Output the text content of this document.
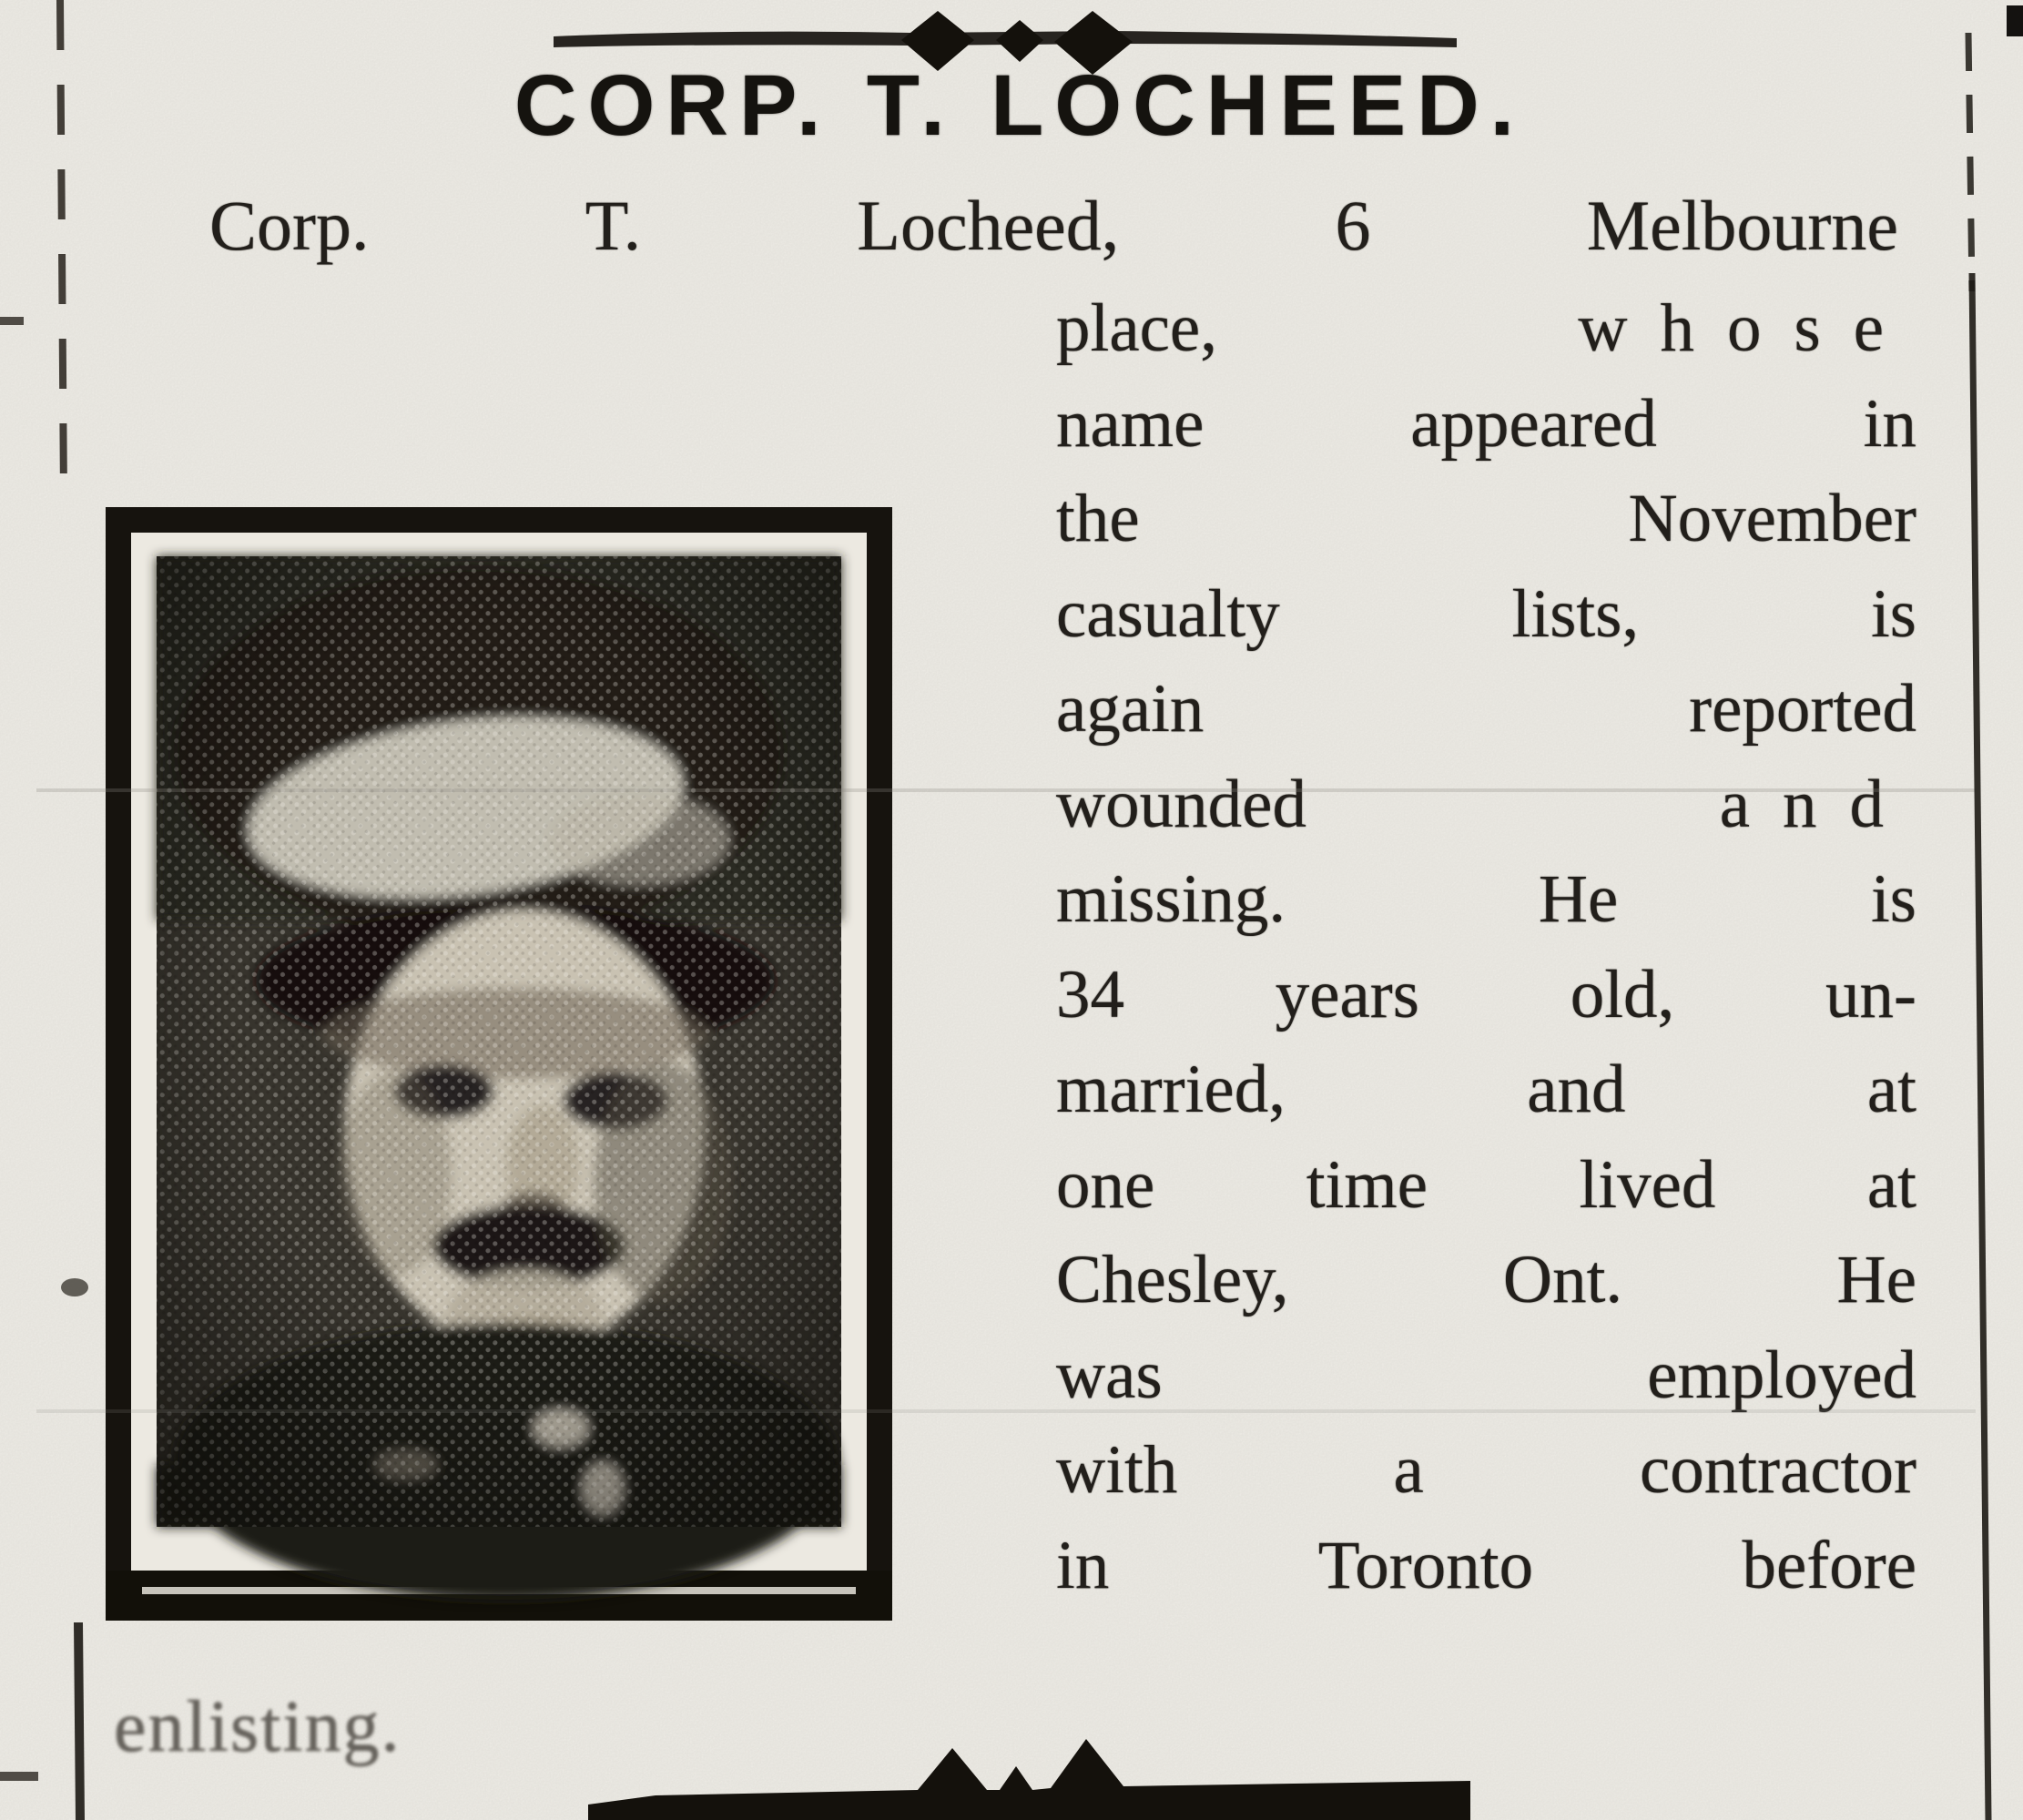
CORP. T. LOCHEED.
Corp.	T.	Locheed,	6	Melbourne
place,	whose
name	appeared	in
the	November
casualty	lists,	is
again	reported
wounded	and
missing.	He	is
34 years old, un-
married,	and	at
one time lived at
Chesley,	Ont.	He
was	employed
with	a	contractor
in	Toronto	before
enlisting.
